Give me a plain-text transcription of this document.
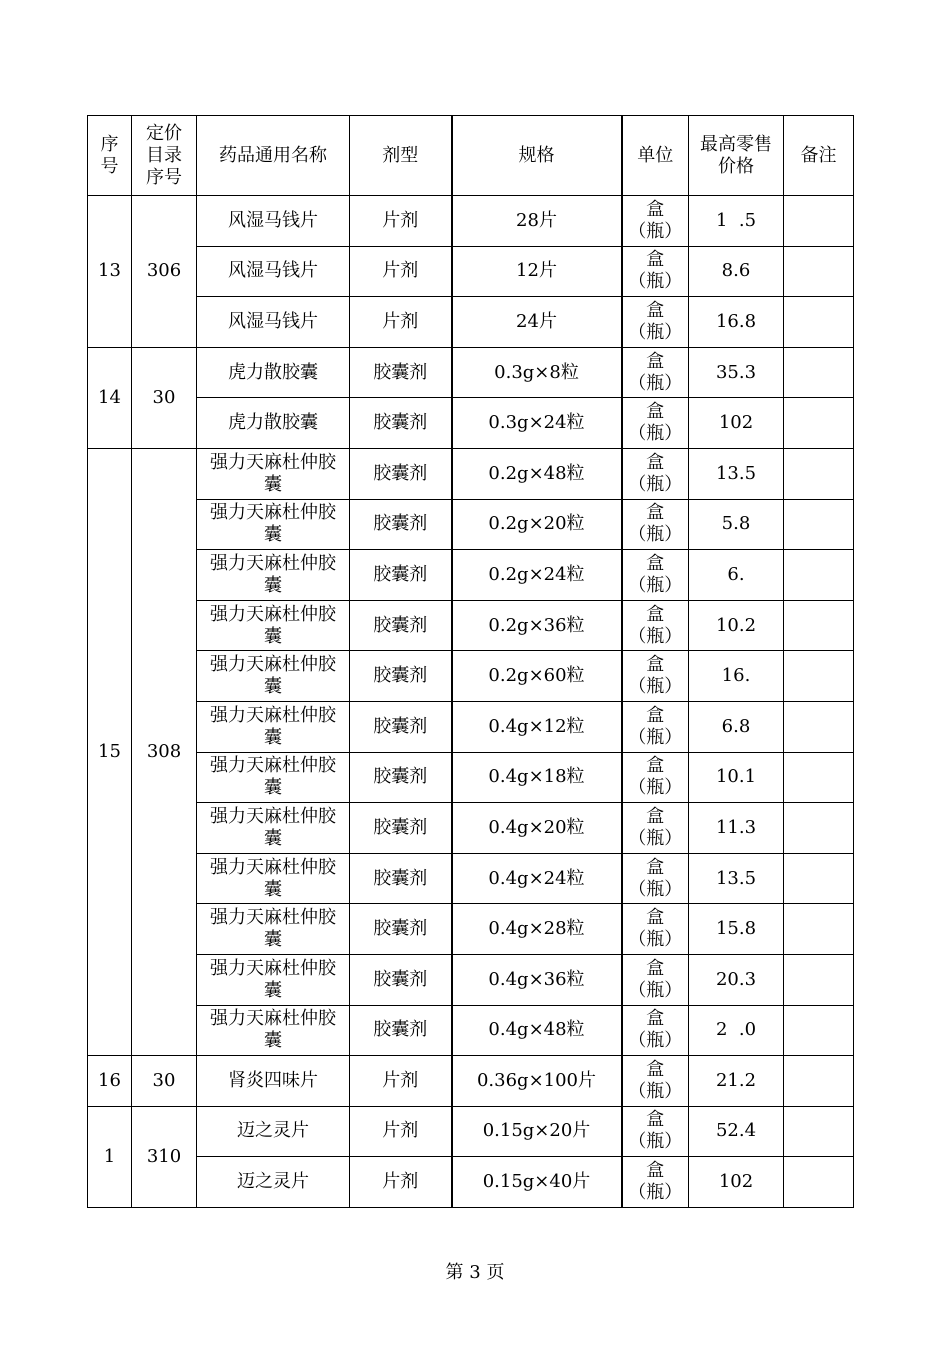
序号	定价目录序号	药品通用名称	剂型	规格	单位	最高零售价格	备注
13	306	风湿马钱片	片剂	28片	盒（瓶）	1  .5	
		风湿马钱片	片剂	12片	盒（瓶）	8.6	
		风湿马钱片	片剂	24片	盒（瓶）	16.8	
14	30	虎力散胶囊	胶囊剂	0.3g×8粒	盒（瓶）	35.3	
		虎力散胶囊	胶囊剂	0.3g×24粒	盒（瓶）	102	
15	308	强力天麻杜仲胶囊	胶囊剂	0.2g×48粒	盒（瓶）	13.5	
		强力天麻杜仲胶囊	胶囊剂	0.2g×20粒	盒（瓶）	5.8	
		强力天麻杜仲胶囊	胶囊剂	0.2g×24粒	盒（瓶）	6.	
		强力天麻杜仲胶囊	胶囊剂	0.2g×36粒	盒（瓶）	10.2	
		强力天麻杜仲胶囊	胶囊剂	0.2g×60粒	盒（瓶）	16.	
		强力天麻杜仲胶囊	胶囊剂	0.4g×12粒	盒（瓶）	6.8	
		强力天麻杜仲胶囊	胶囊剂	0.4g×18粒	盒（瓶）	10.1	
		强力天麻杜仲胶囊	胶囊剂	0.4g×20粒	盒（瓶）	11.3	
		强力天麻杜仲胶囊	胶囊剂	0.4g×24粒	盒（瓶）	13.5	
		强力天麻杜仲胶囊	胶囊剂	0.4g×28粒	盒（瓶）	15.8	
		强力天麻杜仲胶囊	胶囊剂	0.4g×36粒	盒（瓶）	20.3	
		强力天麻杜仲胶囊	胶囊剂	0.4g×48粒	盒（瓶）	2  .0	
16	30	肾炎四味片	片剂	0.36g×100片	盒（瓶）	21.2	
1	310	迈之灵片	片剂	0.15g×20片	盒（瓶）	52.4	
		迈之灵片	片剂	0.15g×40片	盒（瓶）	102	
第 3 页
